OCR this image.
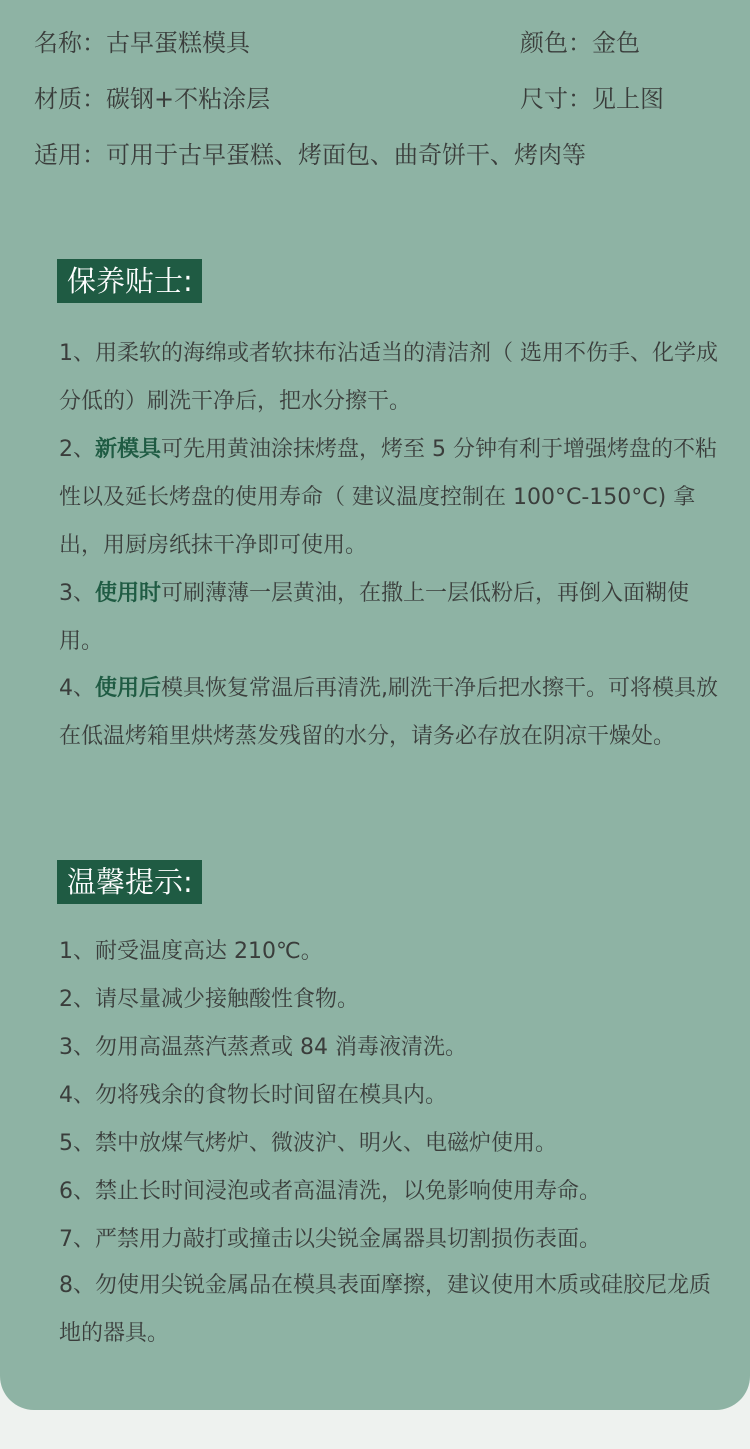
名称：古早蛋糕模具	颜色：金色
材质：碳钢+不粘涂层	尺寸：见上图
适用：可用于古早蛋糕、烤面包、曲奇饼干、烤肉等
保养贴士:
1、用柔软的海绵或者软抹布沾适当的清洁剂（ 选用不伤手、化学成分低的）刷洗干净后，把水分擦干。
2、新模具可先用黄油涂抹烤盘，烤至 5 分钟有利于增强烤盘的不粘性以及延长烤盘的使用寿命（ 建议温度控制在 100°C-150°C) 拿出，用厨房纸抹干净即可使用。
3、使用时可刷薄薄一层黄油，在撒上一层低粉后，再倒入面糊使用。
4、使用后模具恢复常温后再清洗,刷洗干净后把水擦干。可将模具放在低温烤箱里烘烤蒸发残留的水分，请务必存放在阴凉干燥处。
温馨提示:
1、耐受温度高达 210℃。
2、请尽量减少接触酸性食物。
3、勿用高温蒸汽蒸煮或 84 消毒液清洗。
4、勿将残余的食物长时间留在模具内。
5、禁中放煤气烤炉、微波沪、明火、电磁炉使用。
6、禁止长时间浸泡或者高温清洗，以免影响使用寿命。
7、严禁用力敲打或撞击以尖锐金属器具切割损伤表面。
8、勿使用尖锐金属品在模具表面摩擦，建议使用木质或硅胶尼龙质地的器具。
